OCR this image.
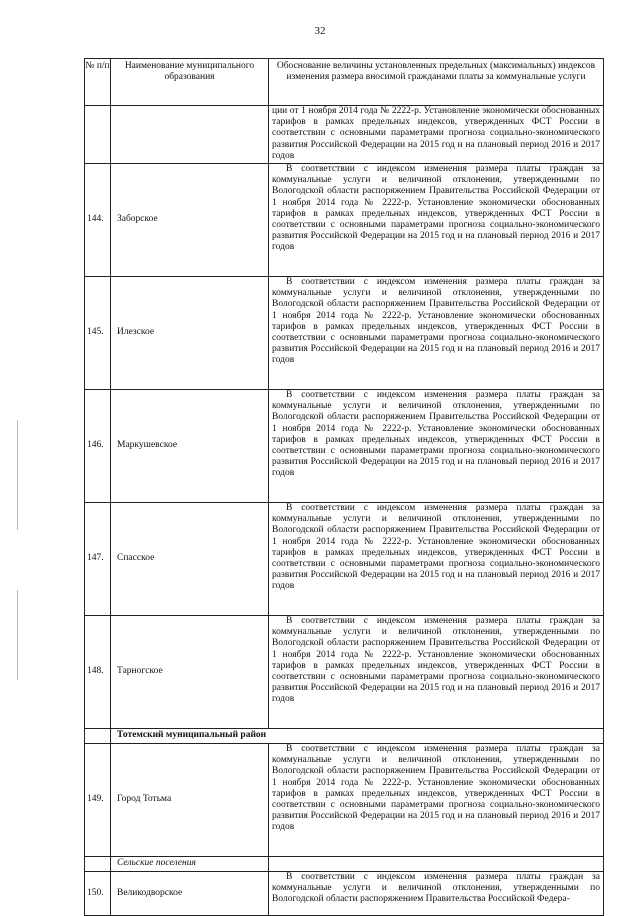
32
№ п/п	Наименование муниципального образования	Обоснование величины установленных предельных (максимальных) индексов изменения размера вносимой гражданами платы за коммунальные услуги
		ции от 1 ноября 2014 года № 2222-р. Установление экономически обоснованных тарифов в рамках предельных индексов, утвержденных ФСТ России в соответствии с основными параметрами прогноза социально-экономического развития Российской Федерации на 2015 год и на плановый период 2016 и 2017 годов
144.	Заборское	В соответствии с индексом изменения размера платы граждан за коммунальные услуги и величиной отклонения, утвержденными по Вологодской области распоряжением Правительства Российской Федерации от 1 ноября 2014 года № 2222-р. Установление экономически обоснованных тарифов в рамках предельных индексов, утвержденных ФСТ России в соответствии с основными параметрами прогноза социально-экономического развития Российской Федерации на 2015 год и на плановый период 2016 и 2017 годов

145.	Илезское	В соответствии с индексом изменения размера платы граждан за коммунальные услуги и величиной отклонения, утвержденными по Вологодской области распоряжением Правительства Российской Федерации от 1 ноября 2014 года № 2222-р. Установление экономически обоснованных тарифов в рамках предельных индексов, утвержденных ФСТ России в соответствии с основными параметрами прогноза социально-экономического развития Российской Федерации на 2015 год и на плановый период 2016 и 2017 годов

146.	Маркушевское	В соответствии с индексом изменения размера платы граждан за коммунальные услуги и величиной отклонения, утвержденными по Вологодской области распоряжением Правительства Российской Федерации от 1 ноября 2014 года № 2222-р. Установление экономически обоснованных тарифов в рамках предельных индексов, утвержденных ФСТ России в соответствии с основными параметрами прогноза социально-экономического развития Российской Федерации на 2015 год и на плановый период 2016 и 2017 годов

147.	Спасское	В соответствии с индексом изменения размера платы граждан за коммунальные услуги и величиной отклонения, утвержденными по Вологодской области распоряжением Правительства Российской Федерации от 1 ноября 2014 года № 2222-р. Установление экономически обоснованных тарифов в рамках предельных индексов, утвержденных ФСТ России в соответствии с основными параметрами прогноза социально-экономического развития Российской Федерации на 2015 год и на плановый период 2016 и 2017 годов

148.	Тарногское	В соответствии с индексом изменения размера платы граждан за коммунальные услуги и величиной отклонения, утвержденными по Вологодской области распоряжением Правительства Российской Федерации от 1 ноября 2014 года № 2222-р. Установление экономически обоснованных тарифов в рамках предельных индексов, утвержденных ФСТ России в соответствии с основными параметрами прогноза социально-экономического развития Российской Федерации на 2015 год и на плановый период 2016 и 2017 годов

	Тотемский муниципальный район	
149.	Город Тотьма	В соответствии с индексом изменения размера платы граждан за коммунальные услуги и величиной отклонения, утвержденными по Вологодской области распоряжением Правительства Российской Федерации от 1 ноября 2014 года № 2222-р. Установление экономически обоснованных тарифов в рамках предельных индексов, утвержденных ФСТ России в соответствии с основными параметрами прогноза социально-экономического развития Российской Федерации на 2015 год и на плановый период 2016 и 2017 годов

	Сельские поселения	
150.	Великодворское	В соответствии с индексом изменения размера платы граждан за коммунальные услуги и величиной отклонения, утвержденными по Вологодской области распоряжением Правительства Российской Федера-
